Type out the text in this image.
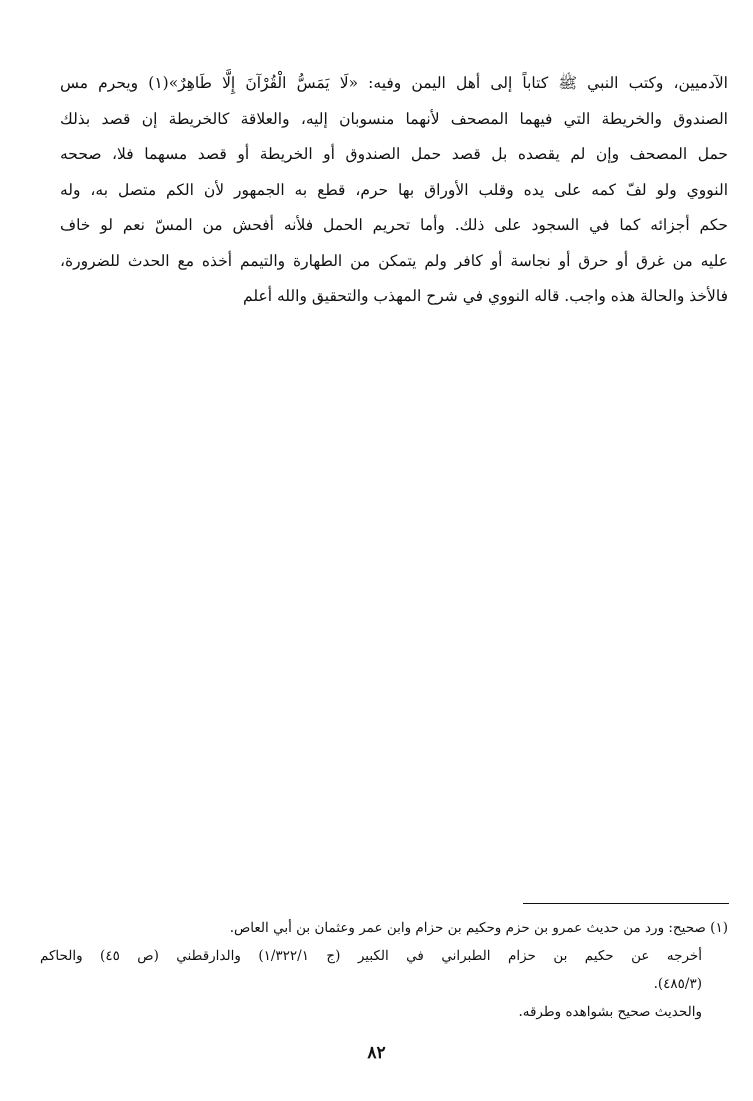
الآدميين، وكتب النبي ﷺ كتاباً إلى أهل اليمن وفيه: «لَا يَمَسُّ الْقُرْآنَ إِلَّا طَاهِرٌ»(١) ويحرم مس
الصندوق والخريطة التي فيهما المصحف لأنهما منسوبان إليه، والعلاقة كالخريطة إن قصد بذلك
حمل المصحف وإن لم يقصده بل قصد حمل الصندوق أو الخريطة أو قصد مسهما فلا، صححه
النووي ولو لفّ كمه على يده وقلب الأوراق بها حرم، قطع به الجمهور لأن الكم متصل به، وله
حكم أجزائه كما في السجود على ذلك. وأما تحريم الحمل فلأنه أفحش من المسّ نعم لو خاف
عليه من غرق أو حرق أو نجاسة أو كافر ولم يتمكن من الطهارة والتيمم أخذه مع الحدث للضرورة،
فالأخذ والحالة هذه واجب. قاله النووي في شرح المهذب والتحقيق والله أعلم
(١) صحيح: ورد من حديث عمرو بن حزم وحكيم بن حزام وابن عمر وعثمان بن أبي العاص.
أخرجه عن حكيم بن حزام الطبراني في الكبير (ج ١/٣٢٢/١) والدارقطني (ص ٤٥) والحاكم
(٤٨٥/٣).
والحديث صحيح بشواهده وطرقه.
٨٢
